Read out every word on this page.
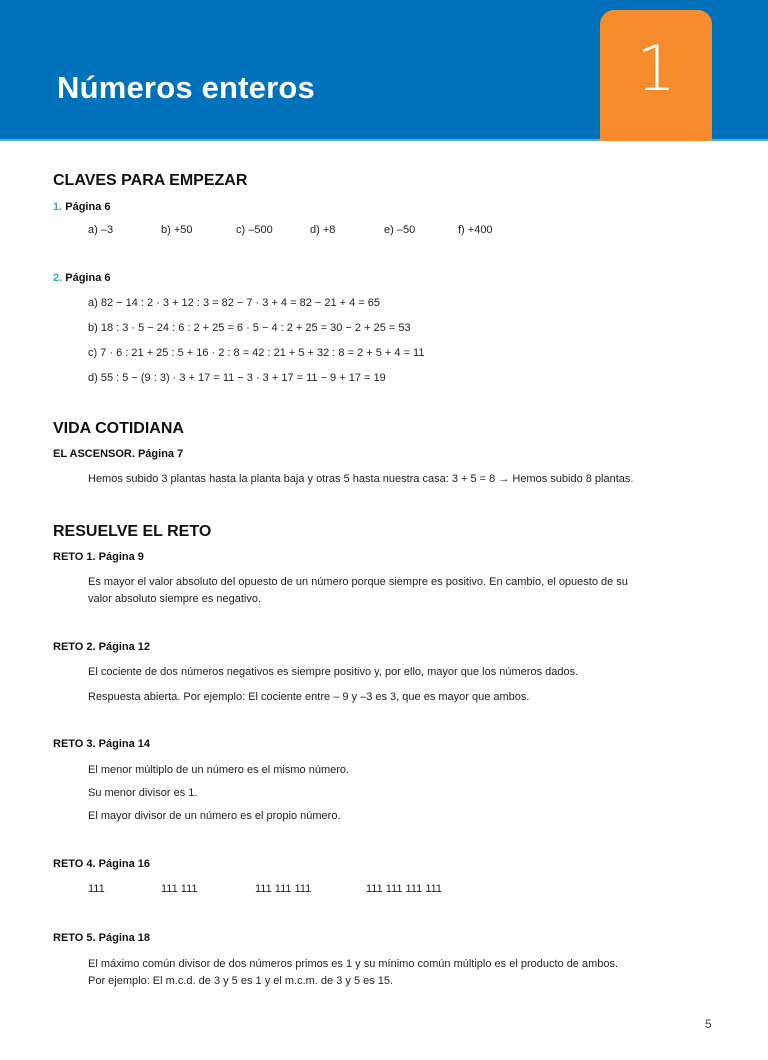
Números enteros	1
CLAVES PARA EMPEZAR
1. Página 6
a) –3	b) +50	c) –500	d) +8	e) –50	f) +400
2. Página 6
a) 82 − 14 : 2 · 3 + 12 : 3 = 82 − 7 · 3 + 4 = 82 − 21 + 4 = 65
b) 18 : 3 · 5 − 24 : 6 : 2 + 25 = 6 · 5 − 4 : 2 + 25 = 30 − 2 + 25 = 53
c) 7 · 6 : 21 + 25 : 5 + 16 · 2 : 8 = 42 : 21 + 5 + 32 : 8 = 2 + 5 + 4 = 11
d) 55 : 5 − (9 : 3) · 3 + 17 = 11 − 3 · 3 + 17 = 11 − 9 + 17 = 19
VIDA COTIDIANA
EL ASCENSOR. Página 7
Hemos subido 3 plantas hasta la planta baja y otras 5 hasta nuestra casa: 3 + 5 = 8 → Hemos subido 8 plantas.
RESUELVE EL RETO
RETO 1. Página 9
Es mayor el valor absoluto del opuesto de un número porque siempre es positivo. En cambio, el opuesto de su
valor absoluto siempre es negativo.
RETO 2. Página 12
El cociente de dos números negativos es siempre positivo y, por ello, mayor que los números dados.
Respuesta abierta. Por ejemplo: El cociente entre – 9 y –3 es 3, que es mayor que ambos.
RETO 3. Página 14
El menor múltiplo de un número es el mismo número.
Su menor divisor es 1.
El mayor divisor de un número es el propio número.
RETO 4. Página 16
111	111 111	111 111 111	111 111 111 111
RETO 5. Página 18
El máximo común divisor de dos números primos es 1 y su mínimo común múltiplo es el producto de ambos.
Por ejemplo: El m.c.d. de 3 y 5 es 1 y el m.c.m. de 3 y 5 es 15.
5
